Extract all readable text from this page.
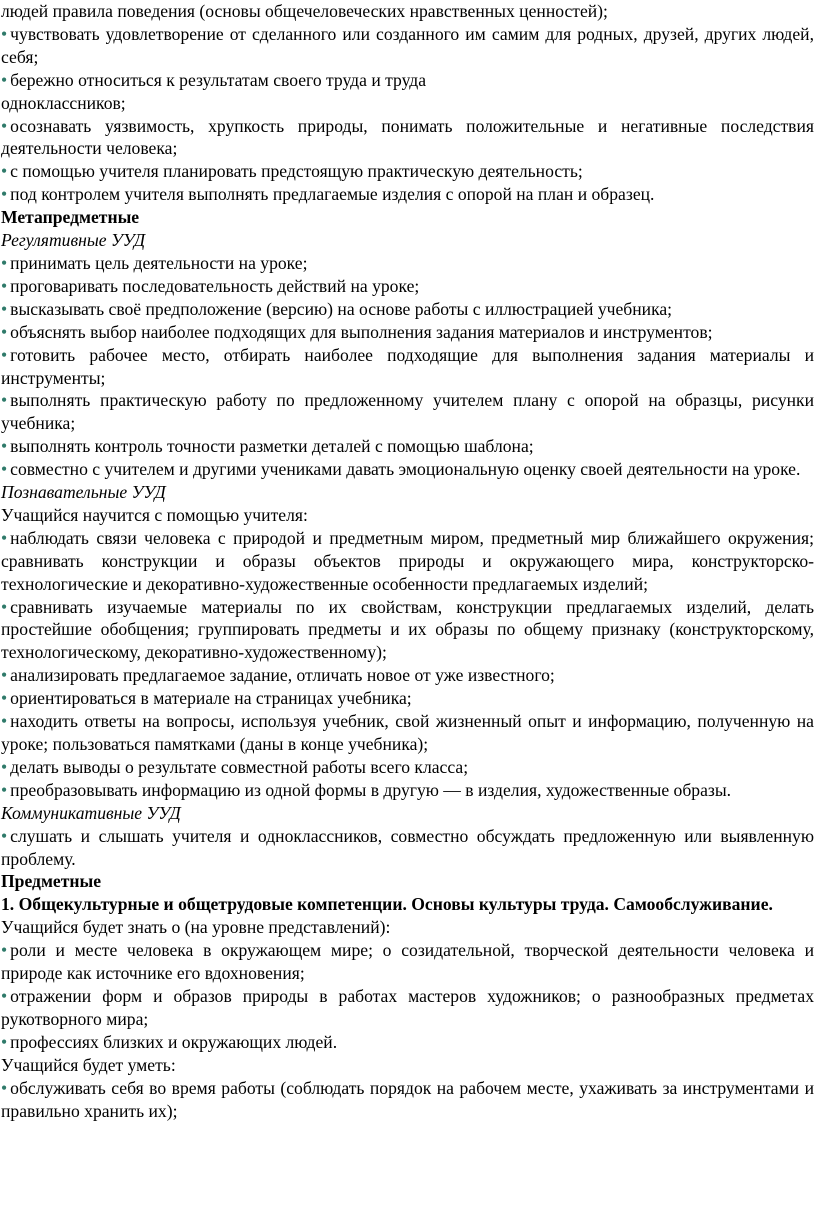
людей правила поведения (основы общечеловеческих нравственных ценностей);

• чувствовать удовлетворение от сделанного или созданного им самим для родных, друзей, других людей, себя;

• бережно относиться к результатам своего труда и труда
одноклассников;

• осознавать уязвимость, хрупкость природы, понимать положительные и негативные последствия деятельности человека;

• с помощью учителя планировать предстоящую практическую деятельность;

• под контролем учителя выполнять предлагаемые изделия с опорой на план и образец.

Метапредметные

Регулятивные УУД

• принимать цель деятельности на уроке;

• проговаривать последовательность действий на уроке;

• высказывать своё предположение (версию) на основе работы с иллюстрацией учебника;

• объяснять выбор наиболее подходящих для выполнения задания материалов и инструментов;

• готовить рабочее место, отбирать наиболее подходящие для выполнения задания материалы и инструменты;

• выполнять практическую работу по предложенному учителем плану с опорой на образцы, рисунки учебника;

• выполнять контроль точности разметки деталей с помощью шаблона;

• совместно с учителем и другими учениками давать эмоциональную оценку своей деятельности на уроке.

Познавательные УУД

Учащийся научится с помощью учителя:

• наблюдать связи человека с природой и предметным миром, предметный мир ближайшего окружения; сравнивать конструкции и образы объектов природы и окружающего мира, конструкторско-технологические и декоративно-художественные особенности предлагаемых изделий;

• сравнивать изучаемые материалы по их свойствам, конструкции предлагаемых изделий, делать простейшие обобщения; группировать предметы и их образы по общему признаку (конструкторскому, технологическому, декоративно-художественному);

• анализировать предлагаемое задание, отличать новое от уже известного;

• ориентироваться в материале на страницах учебника;

• находить ответы на вопросы, используя учебник, свой жизненный опыт и информацию, полученную на уроке; пользоваться памятками (даны в конце учебника);

• делать выводы о результате совместной работы всего класса;

• преобразовывать информацию из одной формы в другую — в изделия, художественные образы.

Коммуникативные УУД

• слушать и слышать учителя и одноклассников, совместно обсуждать предложенную или выявленную проблему.

Предметные

1. Общекультурные и общетрудовые компетенции. Основы культуры труда. Самообслуживание.

Учащийся будет знать о (на уровне представлений):

• роли и месте человека в окружающем мире; о созидательной, творческой деятельности человека и природе как источнике его вдохновения;

• отражении форм и образов природы в работах мастеров художников; о разнообразных предметах рукотворного мира;

• профессиях близких и окружающих людей.

Учащийся будет уметь:

• обслуживать себя во время работы (соблюдать порядок на рабочем месте, ухаживать за инструментами и правильно хранить их);
